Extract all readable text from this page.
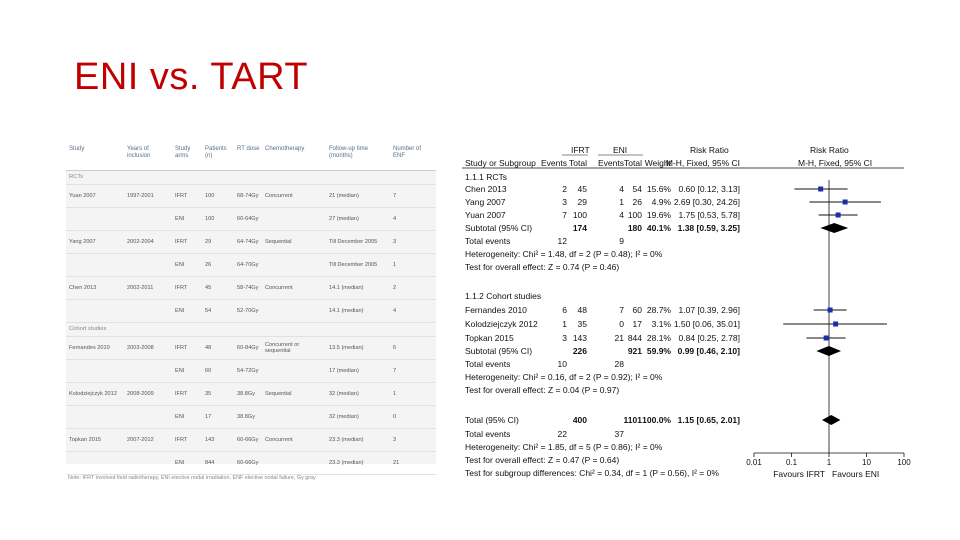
ENI vs. TART
Study	Years of inclusion	Study arms	Patients (n)	RT dose	Chemotherapy	Follow-up time (months)	Number of ENF
RCTs							
Yuan 2007	1997-2001	IFRT	100	68-74Gy	Concurrent	21 (median)	7
		ENI	100	60-64Gy		27 (median)	4
Yang 2007	2002-2004	IFRT	29	64-74Gy	Sequential	Till December 2005	3
		ENI	26	64-70Gy		Till December 2005	1
Chen 2013	2002-2011	IFRT	45	58-74Gy	Concurrent	14.1 (median)	2
		ENI	54	52-70Gy		14.1 (median)	4
Cohort studies							
Fernandes 2010	2003-2008	IFRT	48	60-84Gy	Concurrent or sequential	13.5 (median)	6
		ENI	60	54-72Gy		17 (median)	7
Kolodziejczyk 2012	2008-2009	IFRT	35	38.8Gy	Sequential	32 (median)	1
		ENI	17	38.8Gy		32 (median)	0
Topkan 2015	2007-2012	IFRT	143	60-66Gy	Concurrent	23.3 (median)	3
		ENI	844	60-66Gy		23.3 (median)	21
Note: IFRT involved field radiotherapy, ENI elective nodal irradiation, ENF elective nodal failure, Gy gray
IFRT	ENI	Risk Ratio	Risk Ratio
Study or Subgroup Events Total Events Total Weight
M-H, Fixed, 95% CI	M-H, Fixed, 95% CI
1.1.1 RCTs
Chen 2013	2 45	4 54 15.6% 0.60 [0.12, 3.13]
Yang 2007	3 29	1 26 4.9% 2.69 [0.30, 24.26]
Yuan 2007	7 100	4 100 19.6% 1.75 [0.53, 5.78]
Subtotal (95% CI)	174	180 40.1% 1.38 [0.59, 3.25]
Total events	12	9
Heterogeneity: Chi² = 1.48, df = 2 (P = 0.48); I² = 0%
Test for overall effect: Z = 0.74 (P = 0.46)
1.1.2 Cohort studies
Fernandes 2010	6 48	7 60 28.7% 1.07 [0.39, 2.96]
Kolodziejczyk 2012	1 35	0 17 3.1% 1.50 [0.06, 35.01]
Topkan 2015	3 143	21 844 28.1% 0.84 [0.25, 2.78]
Subtotal (95% CI)	226	921 59.9% 0.99 [0.46, 2.10]
Total events	10	28
Heterogeneity: Chi² = 0.16, df = 2 (P = 0.92); I² = 0%
Test for overall effect: Z = 0.04 (P = 0.97)
Total (95% CI)	400	1101 100.0% 1.15 [0.65, 2.01]
Total events	22	37
Heterogeneity: Chi² = 1.85, df = 5 (P = 0.86); I² = 0%
Test for overall effect: Z = 0.47 (P = 0.64)
Test for subgroup differences: Chi² = 0.34, df = 1 (P = 0.56), I² = 0%
0.01	0.1	1	10	100
Favours IFRT Favours ENI
